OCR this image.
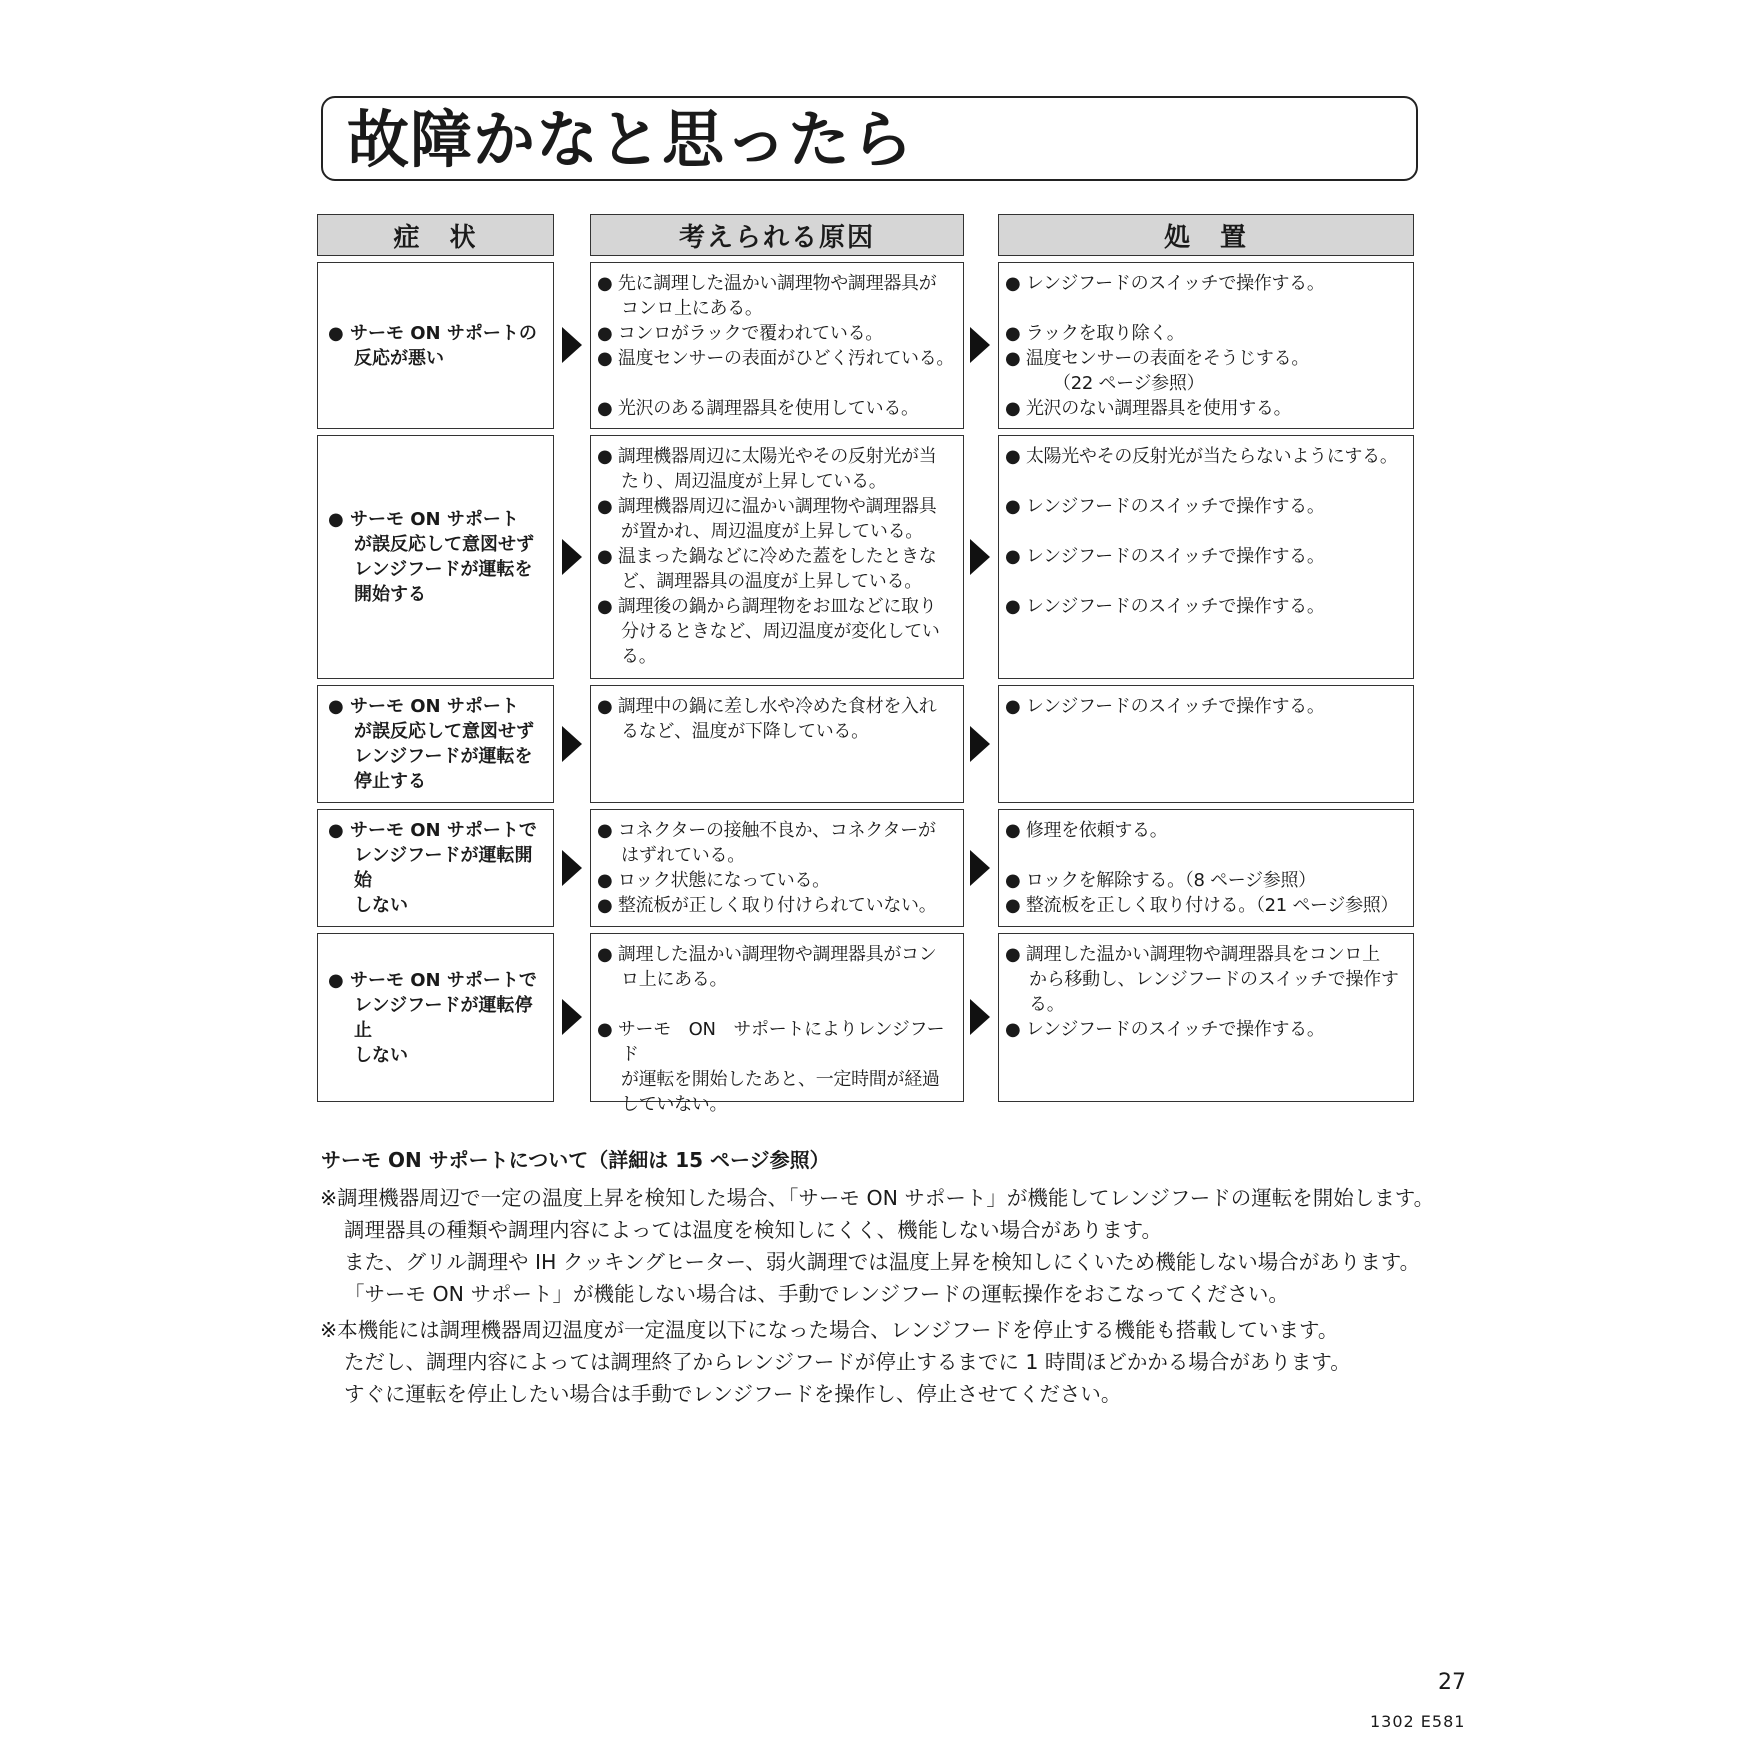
故障かなと思ったら
症　状	考えられる原因	処　置
● サーモ ON サポートの
反応が悪い
● 先に調理した温かい調理物や調理器具が
コンロ上にある。
● コンロがラックで覆われている。
● 温度センサーの表面がひどく汚れている。
● 光沢のある調理器具を使用している。
● レンジフードのスイッチで操作する。
● ラックを取り除く。
● 温度センサーの表面をそうじする。
（22 ページ参照）
● 光沢のない調理器具を使用する。
● サーモ ON サポート
が誤反応して意図せず
レンジフードが運転を
開始する
● 調理機器周辺に太陽光やその反射光が当
たり、周辺温度が上昇している。
● 調理機器周辺に温かい調理物や調理器具
が置かれ、周辺温度が上昇している。
● 温まった鍋などに冷めた蓋をしたときな
ど、調理器具の温度が上昇している。
● 調理後の鍋から調理物をお皿などに取り
分けるときなど、周辺温度が変化してい
る。
● 太陽光やその反射光が当たらないようにする。
● レンジフードのスイッチで操作する。
● レンジフードのスイッチで操作する。
● レンジフードのスイッチで操作する。
● サーモ ON サポート
が誤反応して意図せず
レンジフードが運転を
停止する
● 調理中の鍋に差し水や冷めた食材を入れ
るなど、温度が下降している。
● レンジフードのスイッチで操作する。
● サーモ ON サポートで
レンジフードが運転開始
しない
● コネクターの接触不良か、コネクターが
はずれている。
● ロック状態になっている。
● 整流板が正しく取り付けられていない。
● 修理を依頼する。
● ロックを解除する。（8 ページ参照）
● 整流板を正しく取り付ける。（21 ページ参照）
● サーモ ON サポートで
レンジフードが運転停止
しない
● 調理した温かい調理物や調理器具がコン
ロ上にある。
● サーモ　ON　サポートによりレンジフード
が運転を開始したあと、一定時間が経過
していない。
● 調理した温かい調理物や調理器具をコンロ上
から移動し、レンジフードのスイッチで操作す
る。
● レンジフードのスイッチで操作する。
サーモ ON サポートについて（詳細は 15 ページ参照）
※調理機器周辺で一定の温度上昇を検知した場合、「サーモ ON サポート」が機能してレンジフードの運転を開始します。
調理器具の種類や調理内容によっては温度を検知しにくく、機能しない場合があります。
また、グリル調理や IH クッキングヒーター、弱火調理では温度上昇を検知しにくいため機能しない場合があります。
「サーモ ON サポート」が機能しない場合は、手動でレンジフードの運転操作をおこなってください。
※本機能には調理機器周辺温度が一定温度以下になった場合、レンジフードを停止する機能も搭載しています。
ただし、調理内容によっては調理終了からレンジフードが停止するまでに 1 時間ほどかかる場合があります。
すぐに運転を停止したい場合は手動でレンジフードを操作し、停止させてください。
27
1302 E581
